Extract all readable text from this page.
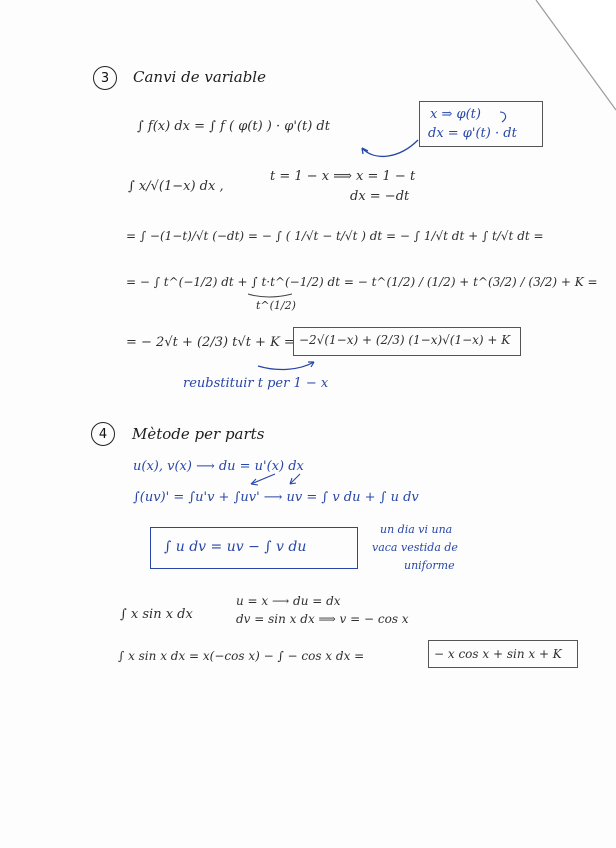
3	Canvi de variable
∫ f(x) dx = ∫ f ( φ(t) ) · φ'(t) dt
x ⇒ φ(t)
dx = φ'(t) · dt
∫ x/√(1−x) dx ,
t = 1 − x ⟹ x = 1 − t
dx = −dt
= ∫ −(1−t)/√t (−dt) = − ∫ ( 1/√t − t/√t ) dt = − ∫ 1/√t dt + ∫ t/√t dt =
= − ∫ t^(−1/2) dt + ∫ t·t^(−1/2) dt = − t^(1/2) / (1/2) + t^(3/2) / (3/2) + K =
t^(1/2)
= − 2√t + (2/3) t√t + K = −2√(1−x) + (2/3) (1−x)√(1−x) + K
reubstituir t per 1 − x
4	Mètode per parts
u(x), v(x) ⟶ du = u'(x) dx
∫(uv)' = ∫u'v + ∫uv' ⟶ uv = ∫ v du + ∫ u dv
∫ u dv = uv − ∫ v du
un dia vi una
vaca vestida de
uniforme
∫ x sin x dx
u = x ⟶ du = dx
dv = sin x dx ⟹ v = − cos x
∫ x sin x dx = x(−cos x) − ∫ − cos x dx =	− x cos x + sin x + K
